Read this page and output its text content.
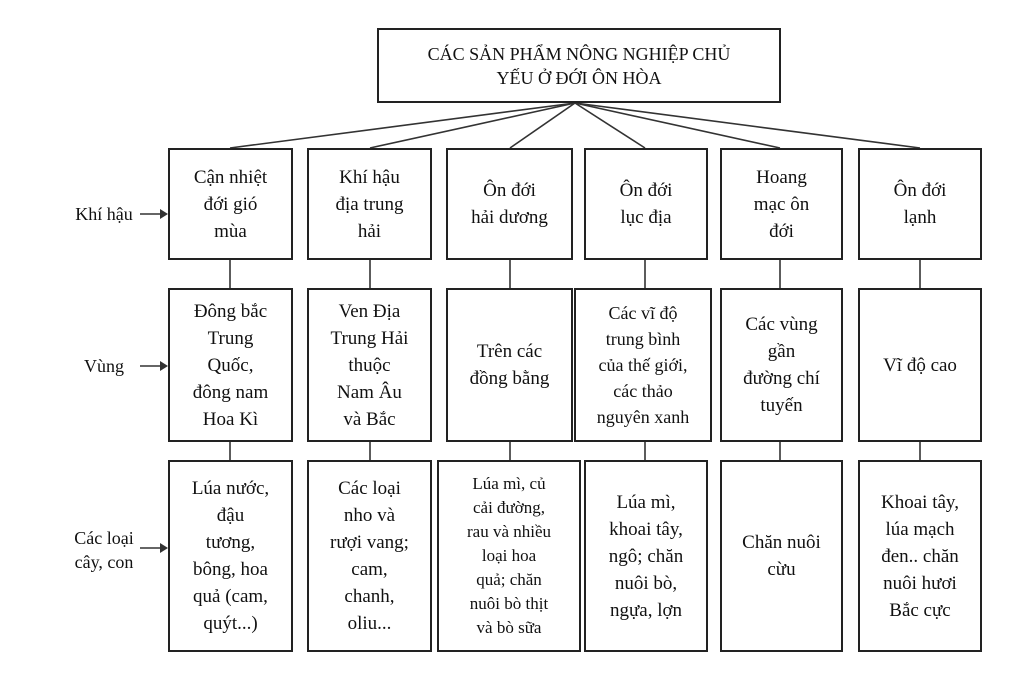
CÁC SẢN PHẨM NÔNG NGHIỆP CHỦ
YẾU Ở ĐỚI ÔN HÒA
Khí hậu
Vùng
Các loại
cây, con
Cận nhiệt
đới gió
mùa
Khí hậu
địa trung
hải
Ôn đới
hải dương
Ôn đới
lục địa
Hoang
mạc ôn
đới
Ôn đới
lạnh
Đông bắc
Trung
Quốc,
đông nam
Hoa Kì
Ven Địa
Trung Hải
thuộc
Nam Âu
và Bắc
Trên các
đồng bằng
Các vĩ độ
trung bình
của thế giới,
các thảo
nguyên xanh
Các vùng
gần
đường chí
tuyến
Vĩ độ cao
Lúa nước,
đậu
tương,
bông, hoa
quả (cam,
quýt...)
Các loại
nho và
rượi vang;
cam,
chanh,
oliu...
Lúa mì, củ
cải đường,
rau và nhiều
loại hoa
quả; chăn
nuôi bò thịt
và bò sữa
Lúa mì,
khoai tây,
ngô; chăn
nuôi bò,
ngựa, lợn
Chăn nuôi
cừu
Khoai tây,
lúa mạch
đen.. chăn
nuôi hươi
Bắc cực
